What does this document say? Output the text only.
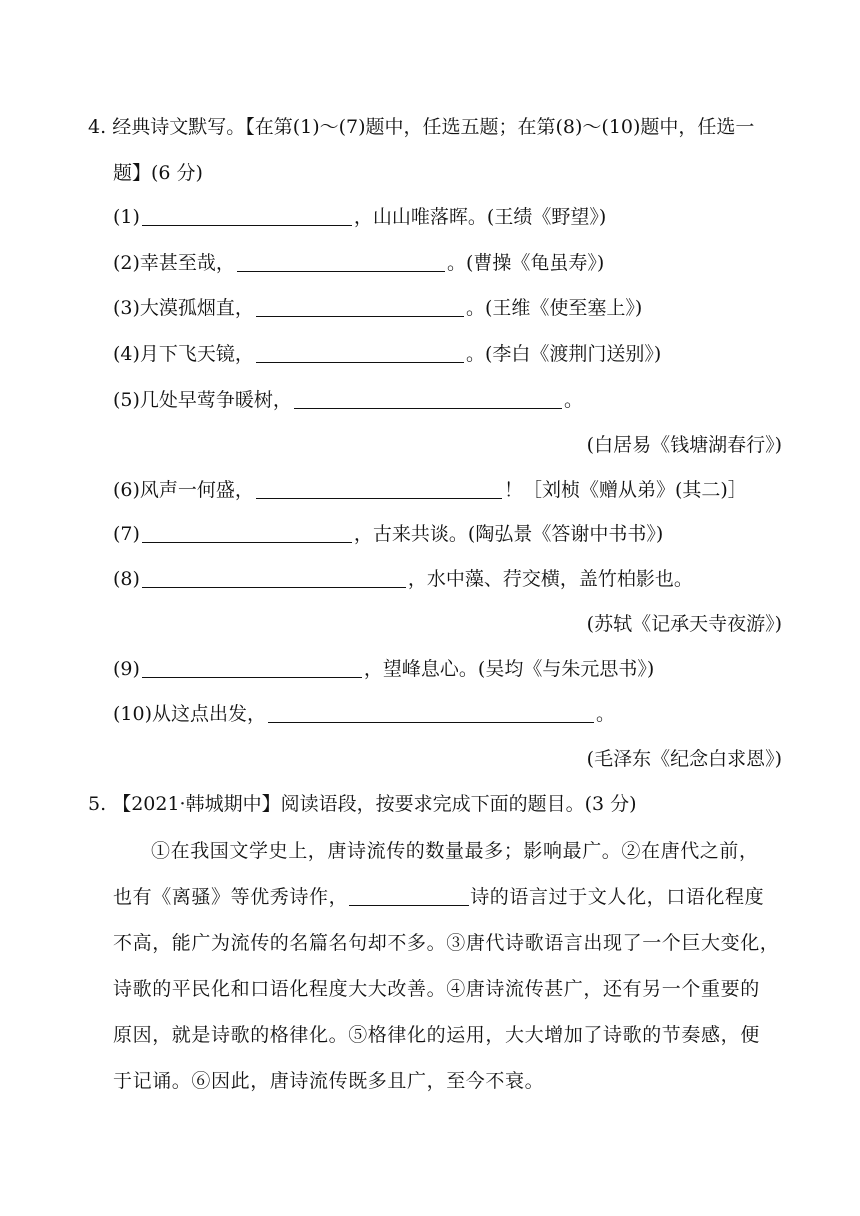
4. 经典诗文默写。【在第(1)～(7)题中，任选五题；在第(8)～(10)题中，任选一
题】(6 分)
(1)	，山山唯落晖。(王绩《野望》)
(2)幸甚至哉，	。(曹操《龟虽寿》)
(3)大漠孤烟直，	。(王维《使至塞上》)
(4)月下飞天镜，	。(李白《渡荆门送别》)
(5)几处早莺争暖树，	。
(白居易《钱塘湖春行》)
(6)风声一何盛，	！［刘桢《赠从弟》(其二)］
(7)	，古来共谈。(陶弘景《答谢中书书》)
(8)	，水中藻、荇交横，盖竹柏影也。
(苏轼《记承天寺夜游》)
(9)	，望峰息心。(吴均《与朱元思书》)
(10)从这点出发，	。
(毛泽东《纪念白求恩》)
5. 【2021·韩城期中】阅读语段，按要求完成下面的题目。(3 分)
①在我国文学史上，唐诗流传的数量最多；影响最广。②在唐代之前，
也有《离骚》等优秀诗作，	诗的语言过于文人化，口语化程度
不高，能广为流传的名篇名句却不多。③唐代诗歌语言出现了一个巨大变化，
诗歌的平民化和口语化程度大大改善。④唐诗流传甚广，还有另一个重要的
原因，就是诗歌的格律化。⑤格律化的运用，大大增加了诗歌的节奏感，便
于记诵。⑥因此，唐诗流传既多且广，至今不衰。
